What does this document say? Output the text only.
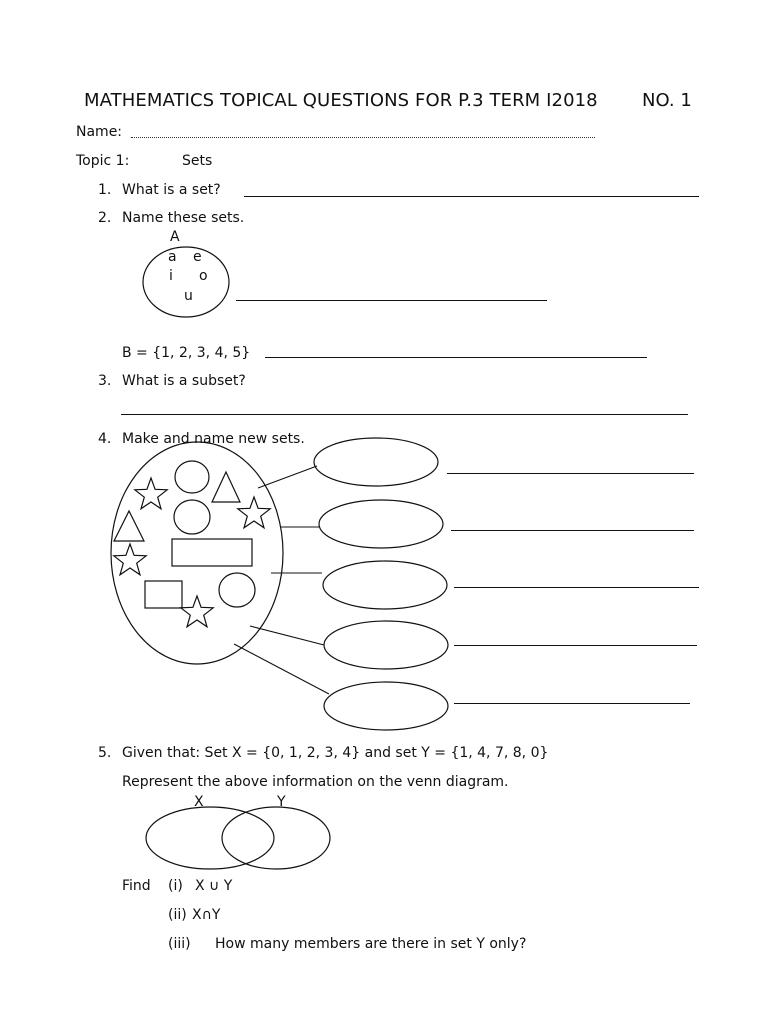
MATHEMATICS TOPICAL QUESTIONS FOR P.3 TERM I2018 NO. 1
Name:
Topic 1:	Sets
1. What is a set?
2. Name these sets.
A
a e
i o
u
B = {1, 2, 3, 4, 5}
3. What is a subset?
4. Make and name new sets.
5. Given that: Set X = {0, 1, 2, 3, 4} and set Y = {1, 4, 7, 8, 0}
Represent the above information on the venn diagram.
X	Y
Find (i) X ∪ Y
(ii) X∩Y
(iii) How many members are there in set Y only?
